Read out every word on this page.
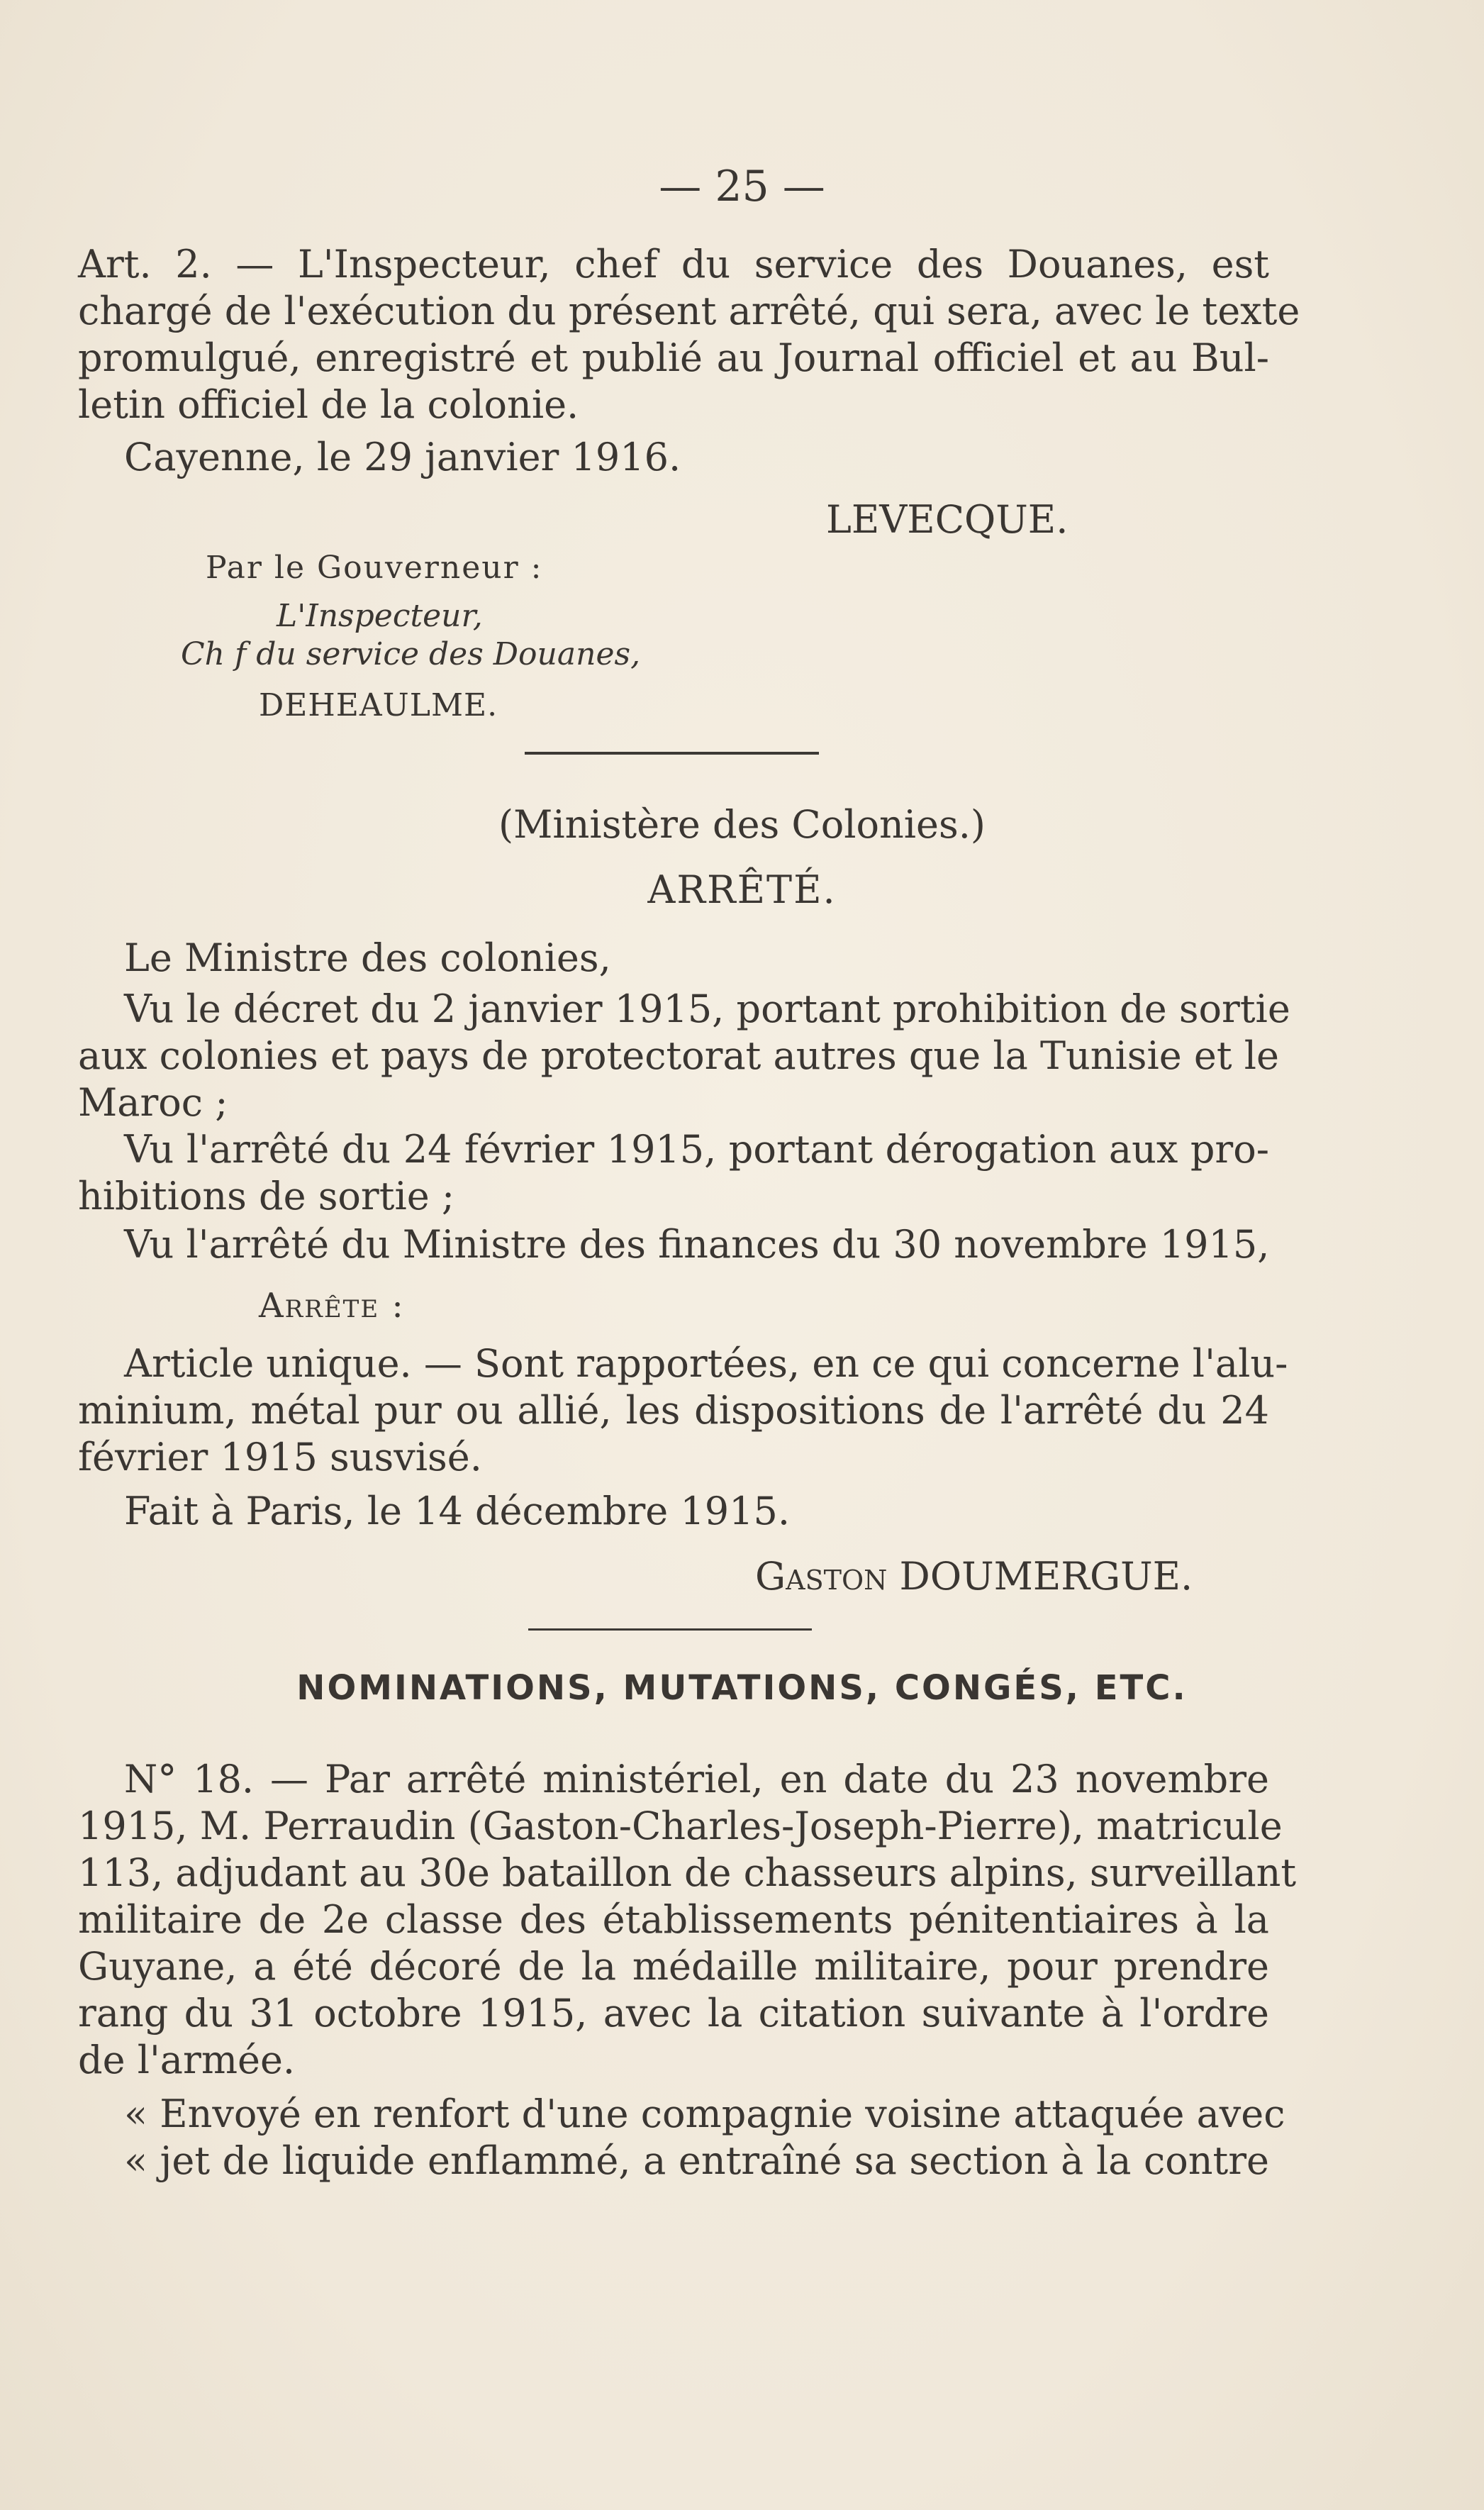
— 25 —
Art. 2. — L'Inspecteur, chef du service des Douanes, est
chargé de l'exécution du présent arrêté, qui sera, avec le texte
promulgué, enregistré et publié au Journal officiel et au Bul-
letin officiel de la colonie.
Cayenne, le 29 janvier 1916.
LEVECQUE.
Par le Gouverneur :
L'Inspecteur,
Ch f du service des Douanes,
DEHEAULME.
(Ministère des Colonies.)
ARRÊTÉ.
Le Ministre des colonies,
Vu le décret du 2 janvier 1915, portant prohibition de sortie
aux colonies et pays de protectorat autres que la Tunisie et le
Maroc ;
Vu l'arrêté du 24 février 1915, portant dérogation aux pro-
hibitions de sortie ;
Vu l'arrêté du Ministre des finances du 30 novembre 1915,
Arrête :
Article unique. — Sont rapportées, en ce qui concerne l'alu-
minium, métal pur ou allié, les dispositions de l'arrêté du 24
février 1915 susvisé.
Fait à Paris, le 14 décembre 1915.
Gaston DOUMERGUE.
NOMINATIONS, MUTATIONS, CONGÉS, ETC.
N° 18. — Par arrêté ministériel, en date du 23 novembre
1915, M. Perraudin (Gaston-Charles-Joseph-Pierre), matricule
113, adjudant au 30e bataillon de chasseurs alpins, surveillant
militaire de 2e classe des établissements pénitentiaires à la
Guyane, a été décoré de la médaille militaire, pour prendre
rang du 31 octobre 1915, avec la citation suivante à l'ordre
de l'armée.
« Envoyé en renfort d'une compagnie voisine attaquée avec
« jet de liquide enflammé, a entraîné sa section à la contre
